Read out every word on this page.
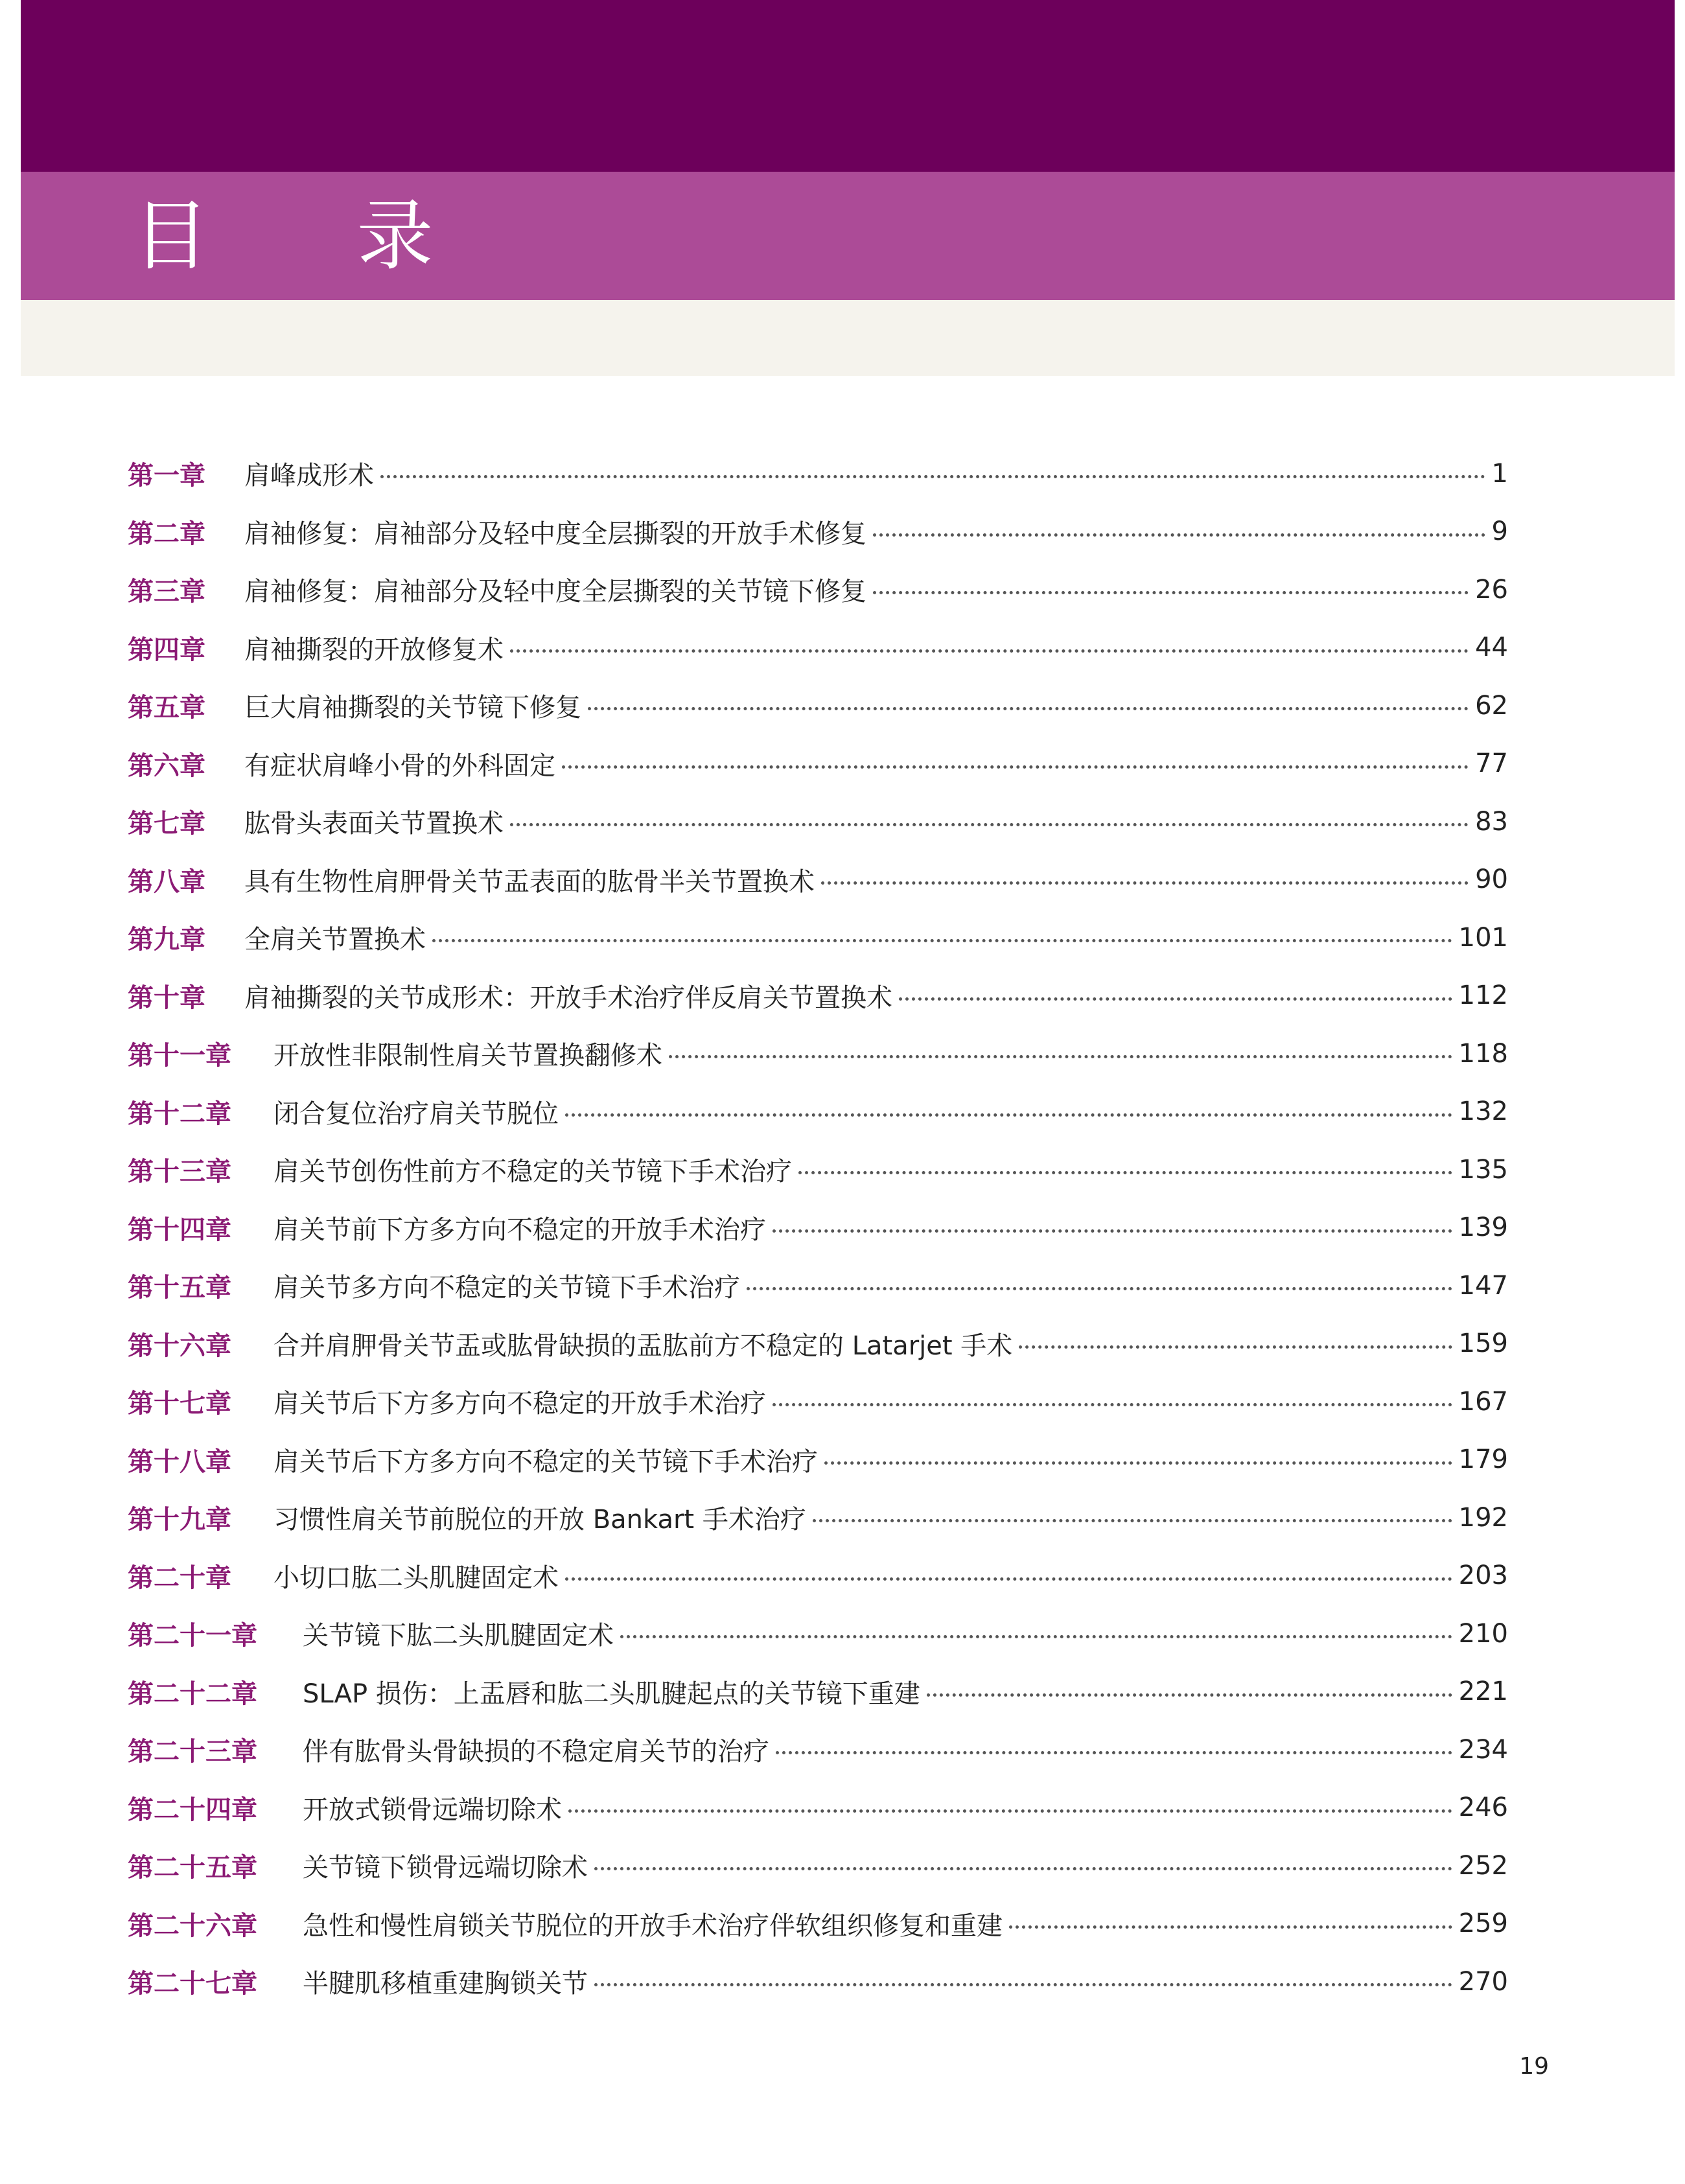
目 录
第一章	肩峰成形术	1
第二章	肩袖修复：肩袖部分及轻中度全层撕裂的开放手术修复	9
第三章	肩袖修复：肩袖部分及轻中度全层撕裂的关节镜下修复	26
第四章	肩袖撕裂的开放修复术	44
第五章	巨大肩袖撕裂的关节镜下修复	62
第六章	有症状肩峰小骨的外科固定	77
第七章	肱骨头表面关节置换术	83
第八章	具有生物性肩胛骨关节盂表面的肱骨半关节置换术	90
第九章	全肩关节置换术	101
第十章	肩袖撕裂的关节成形术：开放手术治疗伴反肩关节置换术	112
第十一章	开放性非限制性肩关节置换翻修术	118
第十二章	闭合复位治疗肩关节脱位	132
第十三章	肩关节创伤性前方不稳定的关节镜下手术治疗	135
第十四章	肩关节前下方多方向不稳定的开放手术治疗	139
第十五章	肩关节多方向不稳定的关节镜下手术治疗	147
第十六章	合并肩胛骨关节盂或肱骨缺损的盂肱前方不稳定的 Latarjet 手术	159
第十七章	肩关节后下方多方向不稳定的开放手术治疗	167
第十八章	肩关节后下方多方向不稳定的关节镜下手术治疗	179
第十九章	习惯性肩关节前脱位的开放 Bankart 手术治疗	192
第二十章	小切口肱二头肌腱固定术	203
第二十一章	关节镜下肱二头肌腱固定术	210
第二十二章	SLAP 损伤：上盂唇和肱二头肌腱起点的关节镜下重建	221
第二十三章	伴有肱骨头骨缺损的不稳定肩关节的治疗	234
第二十四章	开放式锁骨远端切除术	246
第二十五章	关节镜下锁骨远端切除术	252
第二十六章	急性和慢性肩锁关节脱位的开放手术治疗伴软组织修复和重建	259
第二十七章	半腱肌移植重建胸锁关节	270
19
